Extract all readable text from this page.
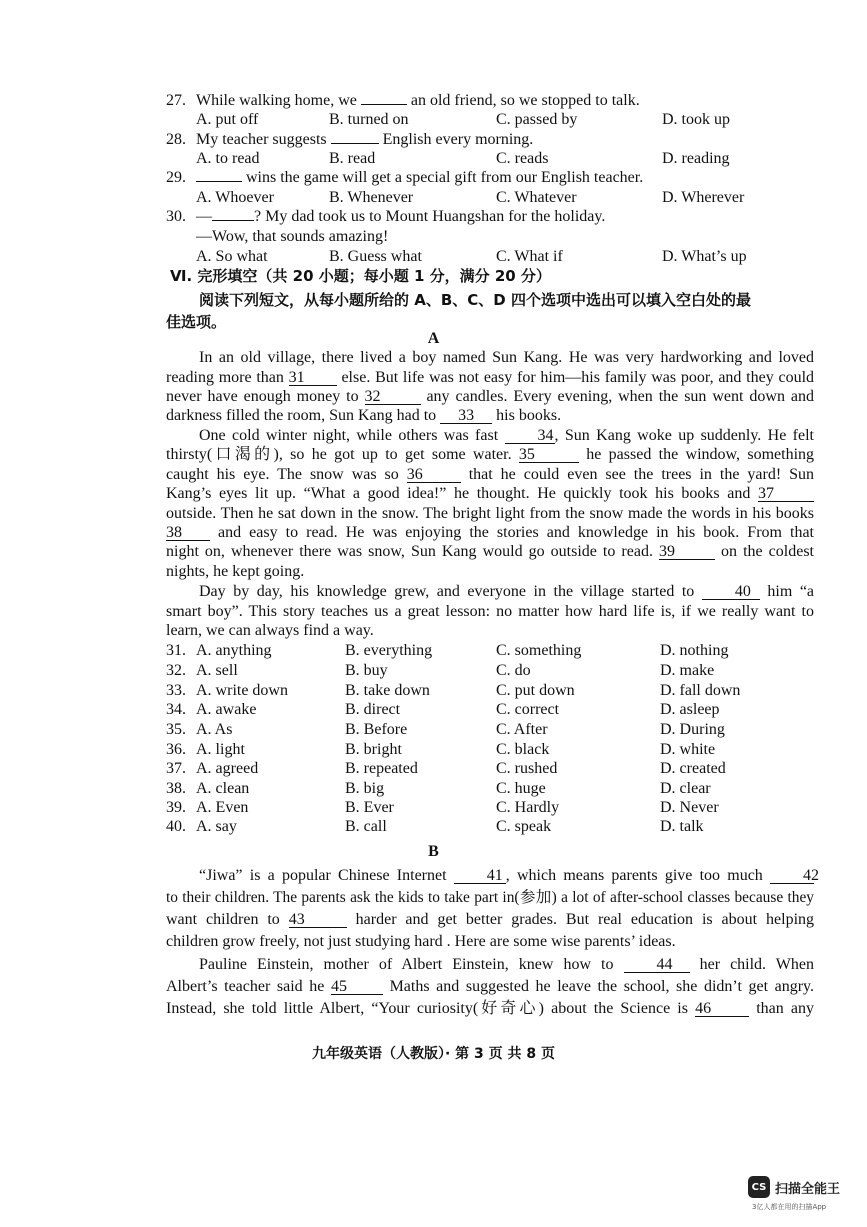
27. While walking home, we	an old friend, so we stopped to talk.
A. put off	B. turned on	C. passed by	D. took up
28. My teacher suggests	English every morning.
A. to read	B. read	C. reads	D. reading
29.	wins the game will get a special gift from our English teacher.
A. Whoever	B. Whenever	C. Whatever	D. Wherever
30. —	? My dad took us to Mount Huangshan for the holiday.
—Wow, that sounds amazing!
A. So what	B. Guess what	C. What if	D. What’s up
Ⅵ. 完形填空（共 20 小题；每小题 1 分，满分 20 分）
阅读下列短文，从每小题所给的 A、B、C、D 四个选项中选出可以填入空白处的最
佳选项。
A
In an old village, there lived a boy named Sun Kang. He was very hardworking and loved
reading more than 31 else. But life was not easy for him—his family was poor, and they could
never have enough money to 32	any candles. Every evening, when the sun went down and
darkness filled the room, Sun Kang had to 33 his books.
One cold winter night, while others was fast 34, Sun Kang woke up suddenly. He felt
thirsty(口渴的), so he got up to get some water. 35	he passed the window, something
caught his eye. The snow was so 36	that he could even see the trees in the yard! Sun
Kang’s eyes lit up. “What a good idea!” he thought. He quickly took his books and 37
outside. Then he sat down in the snow. The bright light from the snow made the words in his books
38 and easy to read. He was enjoying the stories and knowledge in his book. From that
night on, whenever there was snow, Sun Kang would go outside to read. 39	on the coldest
nights, he kept going.
Day by day, his knowledge grew, and everyone in the village started to	40 him “a
smart boy”. This story teaches us a great lesson: no matter how hard life is, if we really want to
learn, we can always find a way.
31. A. anything	B. everything	C. something	D. nothing
32. A. sell	B. buy	C. do	D. make
33. A. write down	B. take down	C. put down	D. fall down
34. A. awake	B. direct	C. correct	D. asleep
35. A. As	B. Before	C. After	D. During
36. A. light	B. bright	C. black	D. white
37. A. agreed	B. repeated	C. rushed	D. created
38. A. clean	B. big	C. huge	D. clear
39. A. Even	B. Ever	C. Hardly	D. Never
40. A. say	B. call	C. speak	D. talk
B
“Jiwa” is a popular Chinese Internet	41 , which means parents give too much	42
to their children. The parents ask the kids to take part in(参加) a lot of after-school classes because they
want children to 43	harder and get better grades. But real education is about helping
children grow freely, not just studying hard . Here are some wise parents’ ideas.
Pauline Einstein, mother of Albert Einstein, knew how to	44 her child. When
Albert’s teacher said he 45	Maths and suggested he leave the school, she didn’t get angry.
Instead, she told little Albert, “Your curiosity(好奇心) about the Science is 46	than any
九年级英语（人教版）· 第 3 页 共 8 页
CS 扫描全能王
3亿人都在用的扫描App
